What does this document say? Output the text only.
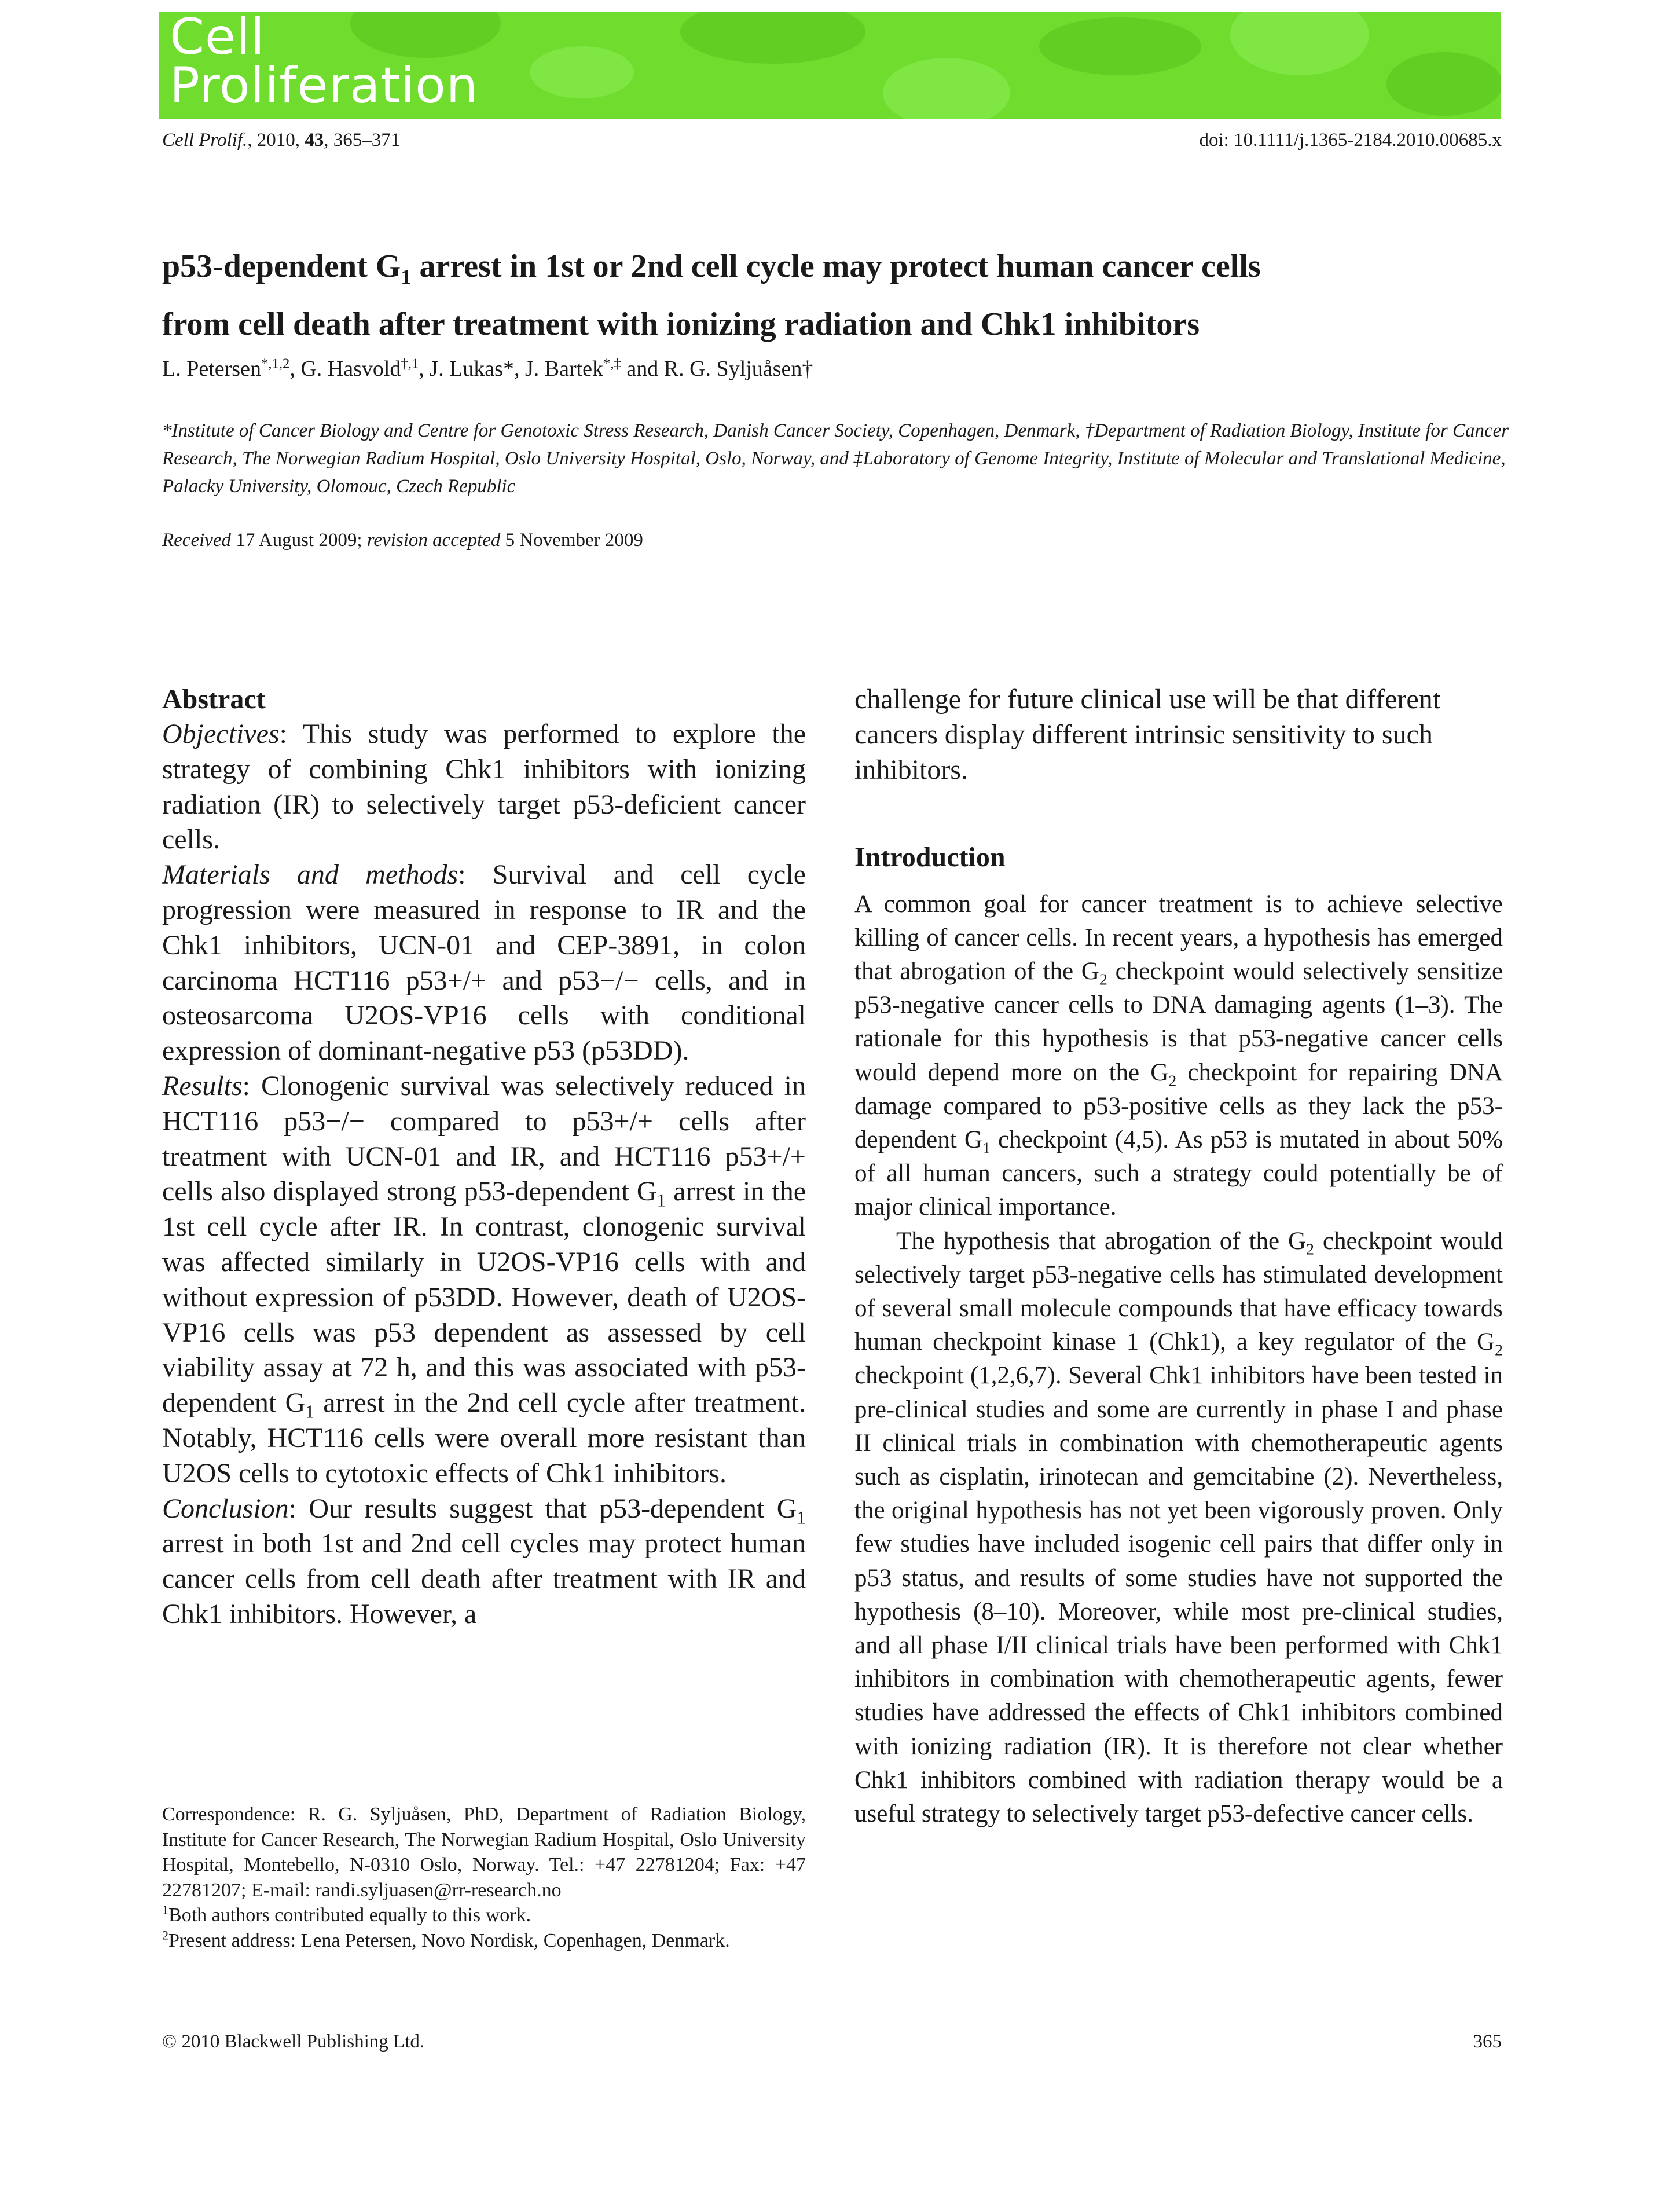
Cell
Proliferation

Cell Prolif., 2010, 43, 365–371	doi: 10.1111/j.1365-2184.2010.00685.x

p53-dependent $G_1$ arrest in 1st or 2nd cell cycle may protect human cancer cells
from cell death after treatment with ionizing radiation and Chk1 inhibitors

L. Petersen$^{*,1,2}$, G. Hasvold$^{\dagger,1}$, J. Lukas*, J. Bartek*,‡ and R. G. Syljuåsen†

*Institute of Cancer Biology and Centre for Genotoxic Stress Research, Danish Cancer Society, Copenhagen, Denmark, †Department of Radiation Biology, Institute for Cancer Research, The Norwegian Radium Hospital, Oslo University Hospital, Oslo, Norway, and ‡Laboratory of Genome Integrity, Institute of Molecular and Translational Medicine, Palacky University, Olomouc, Czech Republic

Received 17 August 2009; revision accepted 5 November 2009

Abstract

Objectives: This study was performed to explore the strategy of combining Chk1 inhibitors with ionizing radiation (IR) to selectively target p53-deficient cancer cells.

Materials and methods: Survival and cell cycle progression were measured in response to IR and the Chk1 inhibitors, UCN-01 and CEP-3891, in colon carcinoma HCT116 p53+/+ and p53−/− cells, and in osteosarcoma U2OS-VP16 cells with conditional expression of dominant-negative p53 (p53DD).

Results: Clonogenic survival was selectively reduced in HCT116 p53−/− compared to p53+/+ cells after treatment with UCN-01 and IR, and HCT116 p53+/+ cells also displayed strong p53-dependent $G_1$ arrest in the 1st cell cycle after IR. In contrast, clonogenic survival was affected similarly in U2OS-VP16 cells with and without expression of p53DD. However, death of U2OS-VP16 cells was p53 dependent as assessed by cell viability assay at 72 h, and this was associated with p53-dependent $G_1$ arrest in the 2nd cell cycle after treatment. Notably, HCT116 cells were overall more resistant than U2OS cells to cytotoxic effects of Chk1 inhibitors.

Conclusion: Our results suggest that p53-dependent $G_1$ arrest in both 1st and 2nd cell cycles may protect human cancer cells from cell death after treatment with IR and Chk1 inhibitors. However, a

Correspondence: R. G. Syljuåsen, PhD, Department of Radiation Biology, Institute for Cancer Research, The Norwegian Radium Hospital, Oslo University Hospital, Montebello, N-0310 Oslo, Norway. Tel.: +47 22781204; Fax: +47 22781207; E-mail: randi.syljuasen@rr-research.no

$^1$Both authors contributed equally to this work.

$^2$Present address: Lena Petersen, Novo Nordisk, Copenhagen, Denmark.

challenge for future clinical use will be that different cancers display different intrinsic sensitivity to such inhibitors.

Introduction

A common goal for cancer treatment is to achieve selective killing of cancer cells. In recent years, a hypothesis has emerged that abrogation of the $G_2$ checkpoint would selectively sensitize p53-negative cancer cells to DNA damaging agents (1–3). The rationale for this hypothesis is that p53-negative cancer cells would depend more on the $G_2$ checkpoint for repairing DNA damage compared to p53-positive cells as they lack the p53-dependent $G_1$ checkpoint (4,5). As p53 is mutated in about 50% of all human cancers, such a strategy could potentially be of major clinical importance.

The hypothesis that abrogation of the $G_2$ checkpoint would selectively target p53-negative cells has stimulated development of several small molecule compounds that have efficacy towards human checkpoint kinase 1 (Chk1), a key regulator of the $G_2$ checkpoint (1,2,6,7). Several Chk1 inhibitors have been tested in pre-clinical studies and some are currently in phase I and phase II clinical trials in combination with chemotherapeutic agents such as cisplatin, irinotecan and gemcitabine (2). Nevertheless, the original hypothesis has not yet been vigorously proven. Only few studies have included isogenic cell pairs that differ only in p53 status, and results of some studies have not supported the hypothesis (8–10). Moreover, while most pre-clinical studies, and all phase I/II clinical trials have been performed with Chk1 inhibitors in combination with chemotherapeutic agents, fewer studies have addressed the effects of Chk1 inhibitors combined with ionizing radiation (IR). It is therefore not clear whether Chk1 inhibitors combined with radiation therapy would be a useful strategy to selectively target p53-defective cancer cells.

© 2010 Blackwell Publishing Ltd.	365
